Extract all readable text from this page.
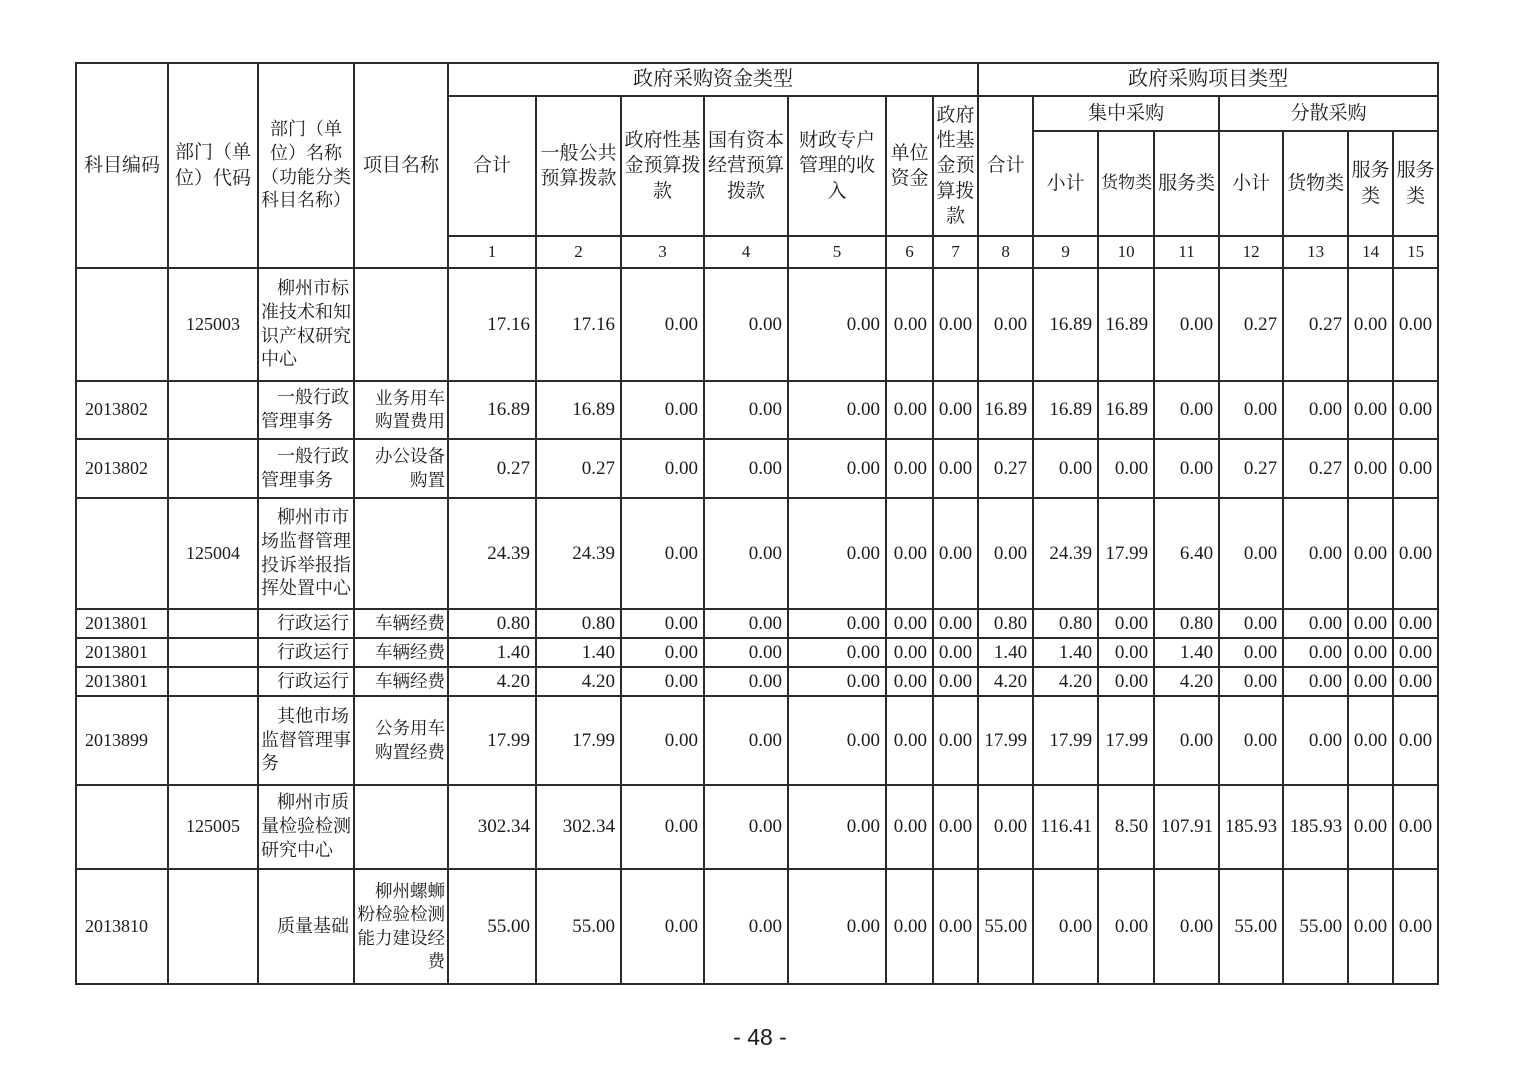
科目编码	部门（单位）代码	部门（单位）名称（功能分类科目名称）	项目名称	政府采购资金类型							政府采购项目类型							
				合计	一般公共预算拨款	政府性基金预算拨款	国有资本经营预算拨款	财政专户管理的收入	单位资金	政府性基金预算拨款	合计	集中采购			分散采购			
												小计	货物类	服务类	小计	货物类	服务类	服务类
				1	2	3	4	5	6	7	8	9	10	11	12	13	14	15
	125003	柳州市标准技术和知识产权研究中心		17.16	17.16	0.00	0.00	0.00	0.00	0.00	0.00	16.89	16.89	0.00	0.27	0.27	0.00	0.00
2013802		一般行政管理事务	业务用车购置费用	16.89	16.89	0.00	0.00	0.00	0.00	0.00	16.89	16.89	16.89	0.00	0.00	0.00	0.00	0.00
2013802		一般行政管理事务	办公设备购置	0.27	0.27	0.00	0.00	0.00	0.00	0.00	0.27	0.00	0.00	0.00	0.27	0.27	0.00	0.00
	125004	柳州市市场监督管理投诉举报指挥处置中心		24.39	24.39	0.00	0.00	0.00	0.00	0.00	0.00	24.39	17.99	6.40	0.00	0.00	0.00	0.00
2013801		行政运行	车辆经费	0.80	0.80	0.00	0.00	0.00	0.00	0.00	0.80	0.80	0.00	0.80	0.00	0.00	0.00	0.00
2013801		行政运行	车辆经费	1.40	1.40	0.00	0.00	0.00	0.00	0.00	1.40	1.40	0.00	1.40	0.00	0.00	0.00	0.00
2013801		行政运行	车辆经费	4.20	4.20	0.00	0.00	0.00	0.00	0.00	4.20	4.20	0.00	4.20	0.00	0.00	0.00	0.00
2013899		其他市场监督管理事务	公务用车购置经费	17.99	17.99	0.00	0.00	0.00	0.00	0.00	17.99	17.99	17.99	0.00	0.00	0.00	0.00	0.00
	125005	柳州市质量检验检测研究中心		302.34	302.34	0.00	0.00	0.00	0.00	0.00	0.00	116.41	8.50	107.91	185.93	185.93	0.00	0.00
2013810		质量基础	柳州螺蛳粉检验检测能力建设经费	55.00	55.00	0.00	0.00	0.00	0.00	0.00	55.00	0.00	0.00	0.00	55.00	55.00	0.00	0.00
- 48 -
